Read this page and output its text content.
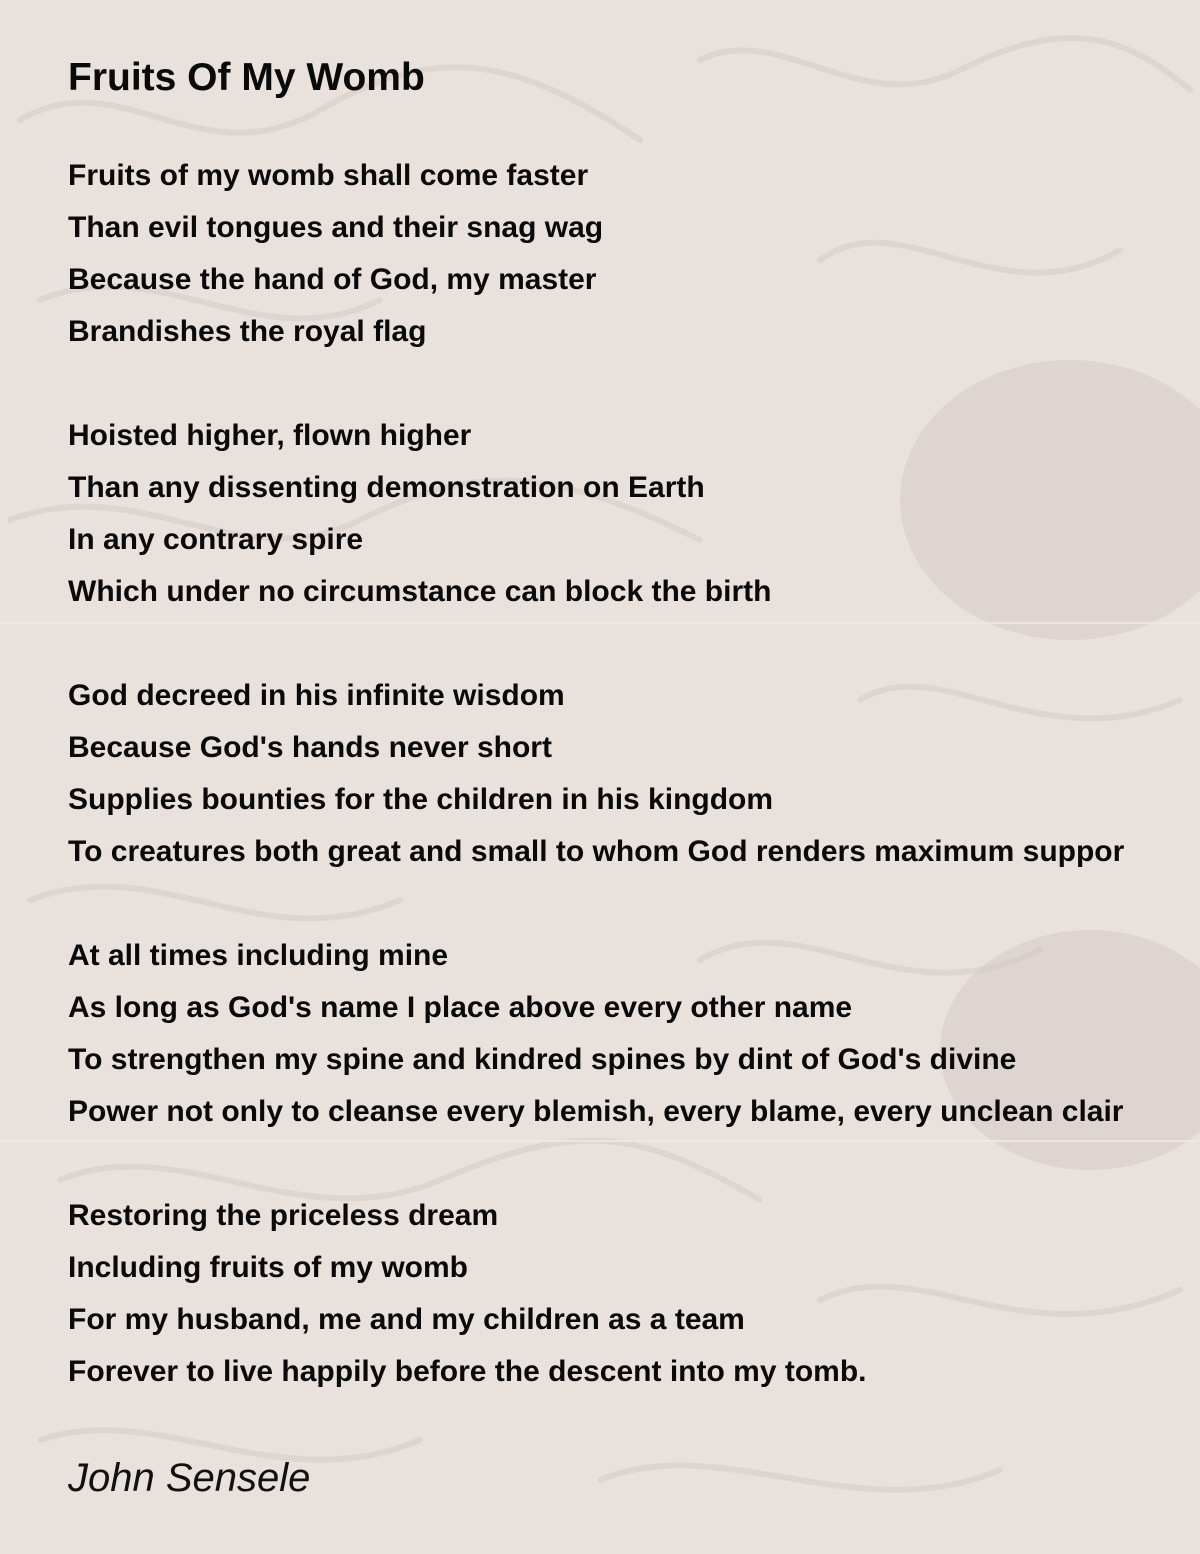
Fruits Of My Womb
Fruits of my womb shall come faster
Than evil tongues and their snag wag
Because the hand of God, my master
Brandishes the royal flag
Hoisted higher, flown higher
Than any dissenting demonstration on Earth
In any contrary spire
Which under no circumstance can block the birth
God decreed in his infinite wisdom
Because God's hands never short
Supplies bounties for the children in his kingdom
To creatures both great and small to whom God renders maximum suppor
At all times including mine
As long as God's name I place above every other name
To strengthen my spine and kindred spines by dint of God's divine
Power not only to cleanse every blemish, every blame, every unclean clair
Restoring the priceless dream
Including fruits of my womb
For my husband, me and my children as a team
Forever to live happily before the descent into my tomb.
John Sensele
